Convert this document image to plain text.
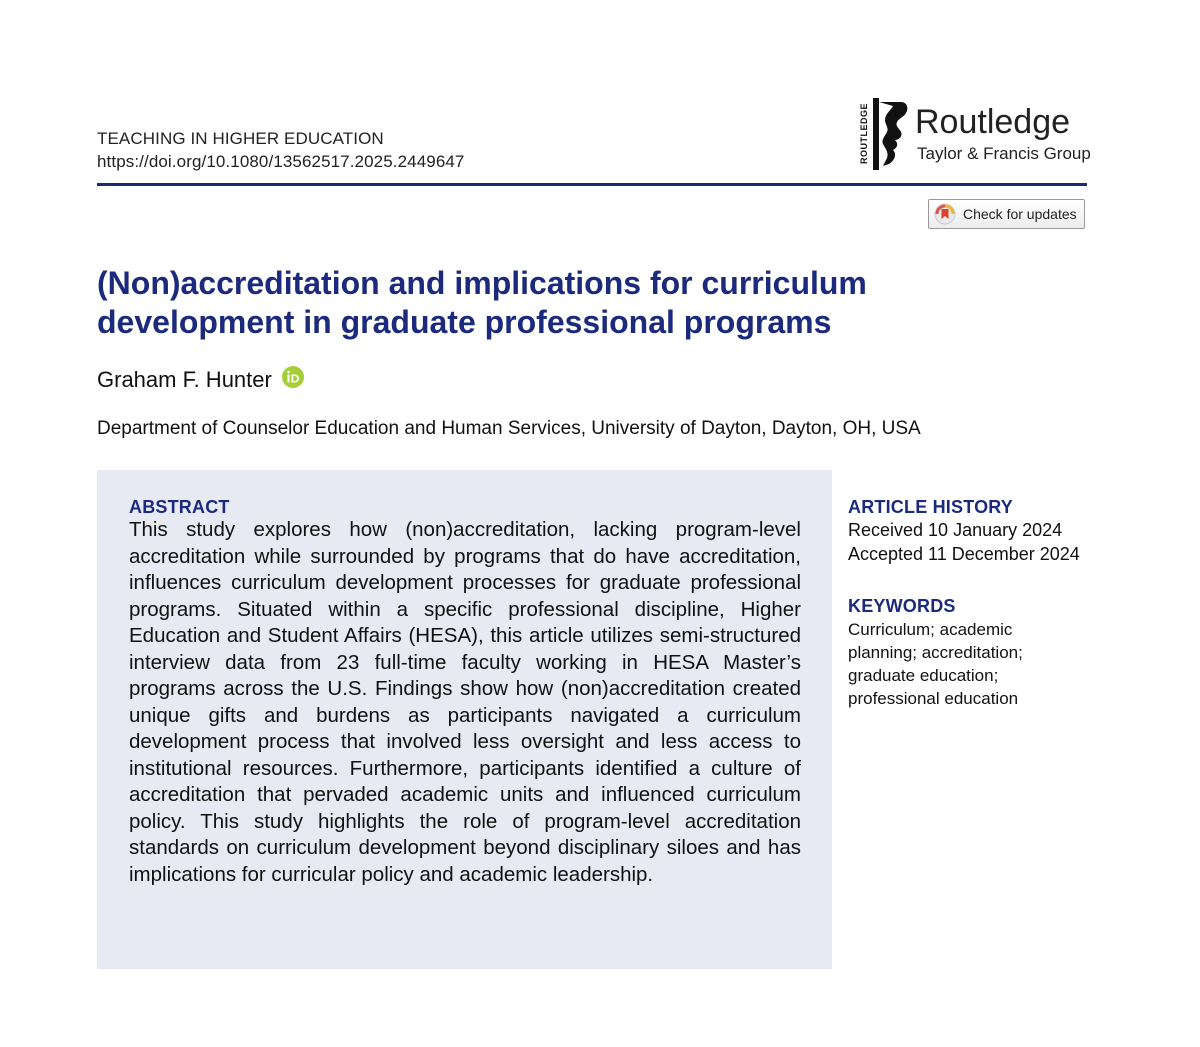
TEACHING IN HIGHER EDUCATION
https://doi.org/10.1080/13562517.2025.2449647	ROUTLEDGE Routledge
Taylor & Francis Group
Check for updates
(Non)accreditation and implications for curriculum development in graduate professional programs
Graham F. Hunter
Department of Counselor Education and Human Services, University of Dayton, Dayton, OH, USA
ABSTRACT

This study explores how (non)accreditation, lacking program-level accreditation while surrounded by programs that do have accreditation, influences curriculum development processes for graduate professional programs. Situated within a specific professional discipline, Higher Education and Student Affairs (HESA), this article utilizes semi-structured interview data from 23 full-time faculty working in HESA Master’s programs across the U.S. Findings show how (non)accreditation created unique gifts and burdens as participants navigated a curriculum development process that involved less oversight and less access to institutional resources. Furthermore, participants identified a culture of accreditation that pervaded academic units and influenced curriculum policy. This study highlights the role of program-level accreditation standards on curriculum development beyond disciplinary siloes and has implications for curricular policy and academic leadership.

ARTICLE HISTORY
Received 10 January 2024
Accepted 11 December 2024
KEYWORDS
Curriculum; academic planning; accreditation; graduate education; professional education
